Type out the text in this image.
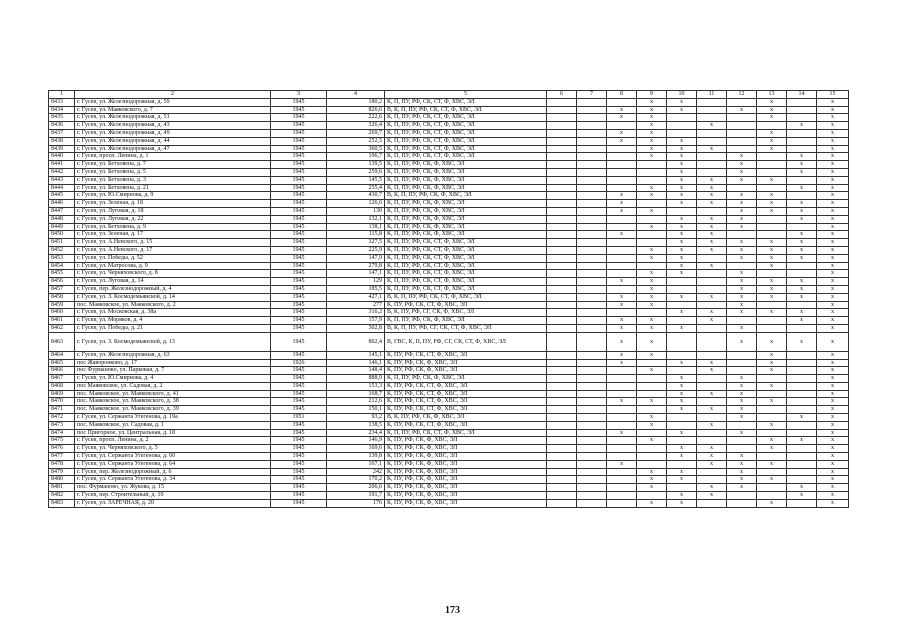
1	2	3	4	5	6	7	8	9	10	11	12	13	14	15
8433	г. Гусев, ул. Железнодорожная, д. 59	1945	180,2	К, П, ПУ, РФ, СК, СТ, Ф, ХВС, ЭЛ				x	x			x		x
8434	г. Гусев, ул. Маяковского, д. 7	1945	826,6	В, К, П, ПУ, РФ, СК, СТ, Ф, ХВС, ЭЛ			x	x	x		x	x		x
8435	г. Гусев, ул. Железнодорожная, д. 51	1945	222,6	К, П, ПУ, РФ, СК, СТ, Ф, ХВС, ЭЛ			x	x				x		x
8436	г. Гусев, ул. Железнодорожная, д. 43	1945	326,4	К, П, ПУ, РФ, СК, СТ, Ф, ХВС, ЭЛ				x		x			x	x
8437	г. Гусев, ул. Железнодорожная, д. 49	1945	269,7	К, П, ПУ, РФ, СК, СТ, Ф, ХВС, ЭЛ			x	x				x		x
8438	г. Гусев, ул. Железнодорожная, д. 44	1945	252,5	К, П, ПУ, РФ, СК, СТ, Ф, ХВС, ЭЛ			x	x	x			x		x
8439	г. Гусев, ул. Железнодорожная, д. 47	1945	360,5	К, П, ПУ, РФ, СК, СТ, Ф, ХВС, ЭЛ				x	x	x		x		x
8440	г. Гусев, просп. Ленина, д. 1	1945	196,7	К, П, ПУ, РФ, СК, СТ, Ф, ХВС, ЭЛ				x	x		x		x	x
8441	г. Гусев, ул. Бетховена, д. 7	1945	139,5	К, П, ПУ, РФ, СК, Ф, ХВС, ЭЛ					x		x		x	x
8442	г. Гусев, ул. Бетховена, д. 5	1945	259,6	К, П, ПУ, РФ, СК, Ф, ХВС, ЭЛ					x		x		x	x
8443	г. Гусев, ул. Бетховена, д. 3	1945	145,5	К, П, ПУ, РФ, СК, Ф, ХВС, ЭЛ					x	x	x	x		x
8444	г. Гусев, ул. Бетховена, д. 21	1945	255,4	К, П, ПУ, РФ, СК, Ф, ХВС, ЭЛ				x	x	x			x	x
8445	г. Гусев, ул. Ю.Смирнова, д. 9	1945	430,7	В, К, П, ПУ, РФ, СК, Ф, ХВС, ЭЛ			x	x	x	x	x	x		x
8446	г. Гусев, ул. Зеленая, д. 18	1945	126,6	К, П, ПУ, РФ, СК, Ф, ХВС, ЭЛ			x		x	x	x	x	x	x
8447	г. Гусев, ул. Луговая, д. 18	1945	130	К, П, ПУ, РФ, СК, Ф, ХВС, ЭЛ			x	x			x	x	x	x
8448	г. Гусев, ул. Луговая, д. 22	1945	132,1	К, П, ПУ, РФ, СК, Ф, ХВС, ЭЛ					x	x	x		x	x
8449	г. Гусев, ул. Бетховена, д. 9	1945	138,1	К, П, ПУ, РФ, СК, Ф, ХВС, ЭЛ				x	x	x	x			x
8450	г. Гусев, ул. Зеленая, д. 17	1945	115,8	К, П, ПУ, РФ, СК, Ф, ХВС, ЭЛ			x		x	x			x	x
8451	г. Гусев, ул. А.Невского, д. 15	1945	327,5	К, П, ПУ, РФ, СК, СТ, Ф, ХВС, ЭЛ					x	x	x	x	x	x
8452	г. Гусев, ул. А.Невского, д. 17	1945	225,9	К, П, ПУ, РФ, СК, СТ, Ф, ХВС, ЭЛ				x	x	x	x	x	x	x
8453	г. Гусев, ул. Победы, д. 52	1945	147,9	К, П, ПУ, РФ, СК, СТ, Ф, ХВС, ЭЛ				x	x		x	x	x	x
8454	г. Гусев, ул. Матросова, д. 9	1945	279,8	К, П, ПУ, РФ, СК, СТ, Ф, ХВС, ЭЛ					x	x		x		x
8455	г. Гусев, ул. Черняховского, д. 8	1945	147,1	К, П, ПУ, РФ, СК, СТ, Ф, ХВС, ЭЛ				x	x		x			x
8456	г. Гусев, ул. Луговая, д. 14	1945	129	К, П, ПУ, РФ, СК, СТ, Ф, ХВС, ЭЛ			x	x			x	x	x	x
8457	г. Гусев, пер. Железнодорожный, д. 4	1945	185,5	К, П, ПУ, РФ, СК, СТ, Ф, ХВС, ЭЛ				x			x	x	x	x
8458	г. Гусев, ул. З. Космодемьянской, д. 14	1945	427,1	В, К, П, ПУ, РФ, СК, СТ, Ф, ХВС, ЭЛ			x	x	x	x	x	x	x	x
8459	пос. Маяковское, ул. Маяковского, д. 2	1945	277	К, ПУ, РФ, СК, СТ, Ф, ХВС, ЭЛ			x	x			x			x
8460	г. Гусев, ул. Московская, д. 38а	1945	316,2	В, К, ПУ, РФ, СГ, СК, Ф, ХВС, ЭЛ					x	x	x	x	x	x
8461	г. Гусев, ул. Моряков, д. 4	1945	157,9	К, П, ПУ, РФ, СК, Ф, ХВС, ЭЛ			x	x		x			x	x
8462	г. Гусев, ул. Победы, д. 21	1945	302,8	В, К, П, ПУ, РФ, СГ, СК, СТ, Ф, ХВС, ЭЛ			x	x	x		x			x
8463	г. Гусев, ул. З. Космодемьянской, д. 13	1945	862,4	В, ГВС, К, П, ПУ, РФ, СГ, СК, СТ, Ф, ХВС, ЭЛ			x	x			x	x	x	x
8464	г. Гусев, ул. Железнодорожная, д. 63	1945	145,1	К, ПУ, РФ, СК, СТ, Ф, ХВС, ЭЛ			x	x				x		x
8465	пос Жаворонково, д. 17	1926	146,1	К, ПУ, РФ, СК, Ф, ХВС, ЭЛ			x		x	x		x		x
8466	пос Фурманово, ул. Парковая, д. 7	1945	148,4	К, ПУ, РФ, СК, Ф, ХВС, ЭЛ				x		x		x		x
8467	г. Гусев, ул. Ю.Смирнова, д. 4	1945	888,9	К, П, ПУ, РФ, СК, Ф, ХВС, ЭЛ					x		x			x
8468	пос Маяковское, ул. Садовая, д. 2	1945	153,3	К, ПУ, РФ, СК, СТ, Ф, ХВС, ЭЛ					x		x	x		x
8469	пос. Маяковское, ул. Маяковского, д. 41	1945	168,7	К, ПУ, РФ, СК, СТ, Ф, ХВС, ЭЛ					x	x	x			x
8470	пос. Маяковское, ул. Маяковского, д. 38	1945	212,6	К, ПУ, РФ, СК, СТ, Ф, ХВС, ЭЛ			x	x	x		x	x		x
8471	пос. Маяковское, ул. Маяковского, д. 39	1945	150,1	К, ПУ, РФ, СК, СТ, Ф, ХВС, ЭЛ					x	x	x			x
8472	г. Гусев, ул. Сержанта Угегенова, д. 19а	1951	93,2	В, К, ПУ, РФ, СК, Ф, ХВС, ЭЛ				x			x		x	x
8473	пос. Маяковское, ул. Садовая, д. 1	1945	138,5	К, ПУ, РФ, СК, СТ, Ф, ХВС, ЭЛ				x		x		x		x
8474	пос Пригорное, ул. Центральная, д. 18	1945	234,4	К, П, ПУ, РФ, СК, СТ, Ф, ХВС, ЭЛ			x		x		x			x
8475	г. Гусев, просп. Ленина, д. 2	1945	146,9	К, ПУ, РФ, СК, Ф, ХВС, ЭЛ				x				x	x	x
8476	г. Гусев, ул. Черняховского, д. 5	1945	169,6	К, ПУ, РФ, СК, Ф, ХВС, ЭЛ					x	x		x		x
8477	г. Гусев, ул. Сержанта Угегенова, д. 60	1945	139,8	К, ПУ, РФ, СК, Ф, ХВС, ЭЛ					x	x	x			x
8478	г. Гусев, ул. Сержанта Угегенова, д. 64	1945	167,1	К, ПУ, РФ, СК, Ф, ХВС, ЭЛ			x			x	x	x		x
8479	г. Гусев, пер. Железнодорожный, д. 6	1945	242	К, ПУ, РФ, СК, Ф, ХВС, ЭЛ				x	x		x			x
8480	г. Гусев, ул. Сержанта Угегенова, д. 34	1945	170,2	К, ПУ, РФ, СК, Ф, ХВС, ЭЛ				x	x		x	x		x
8481	пос. Фурманово, ул. Жукова, д. 15	1945	206,6	К, ПУ, РФ, СК, Ф, ХВС, ЭЛ				x		x	x		x	x
8482	г. Гусев, пер. Строительный, д. 10	1945	191,7	К, ПУ, РФ, СК, Ф, ХВС, ЭЛ					x	x			x	x
8483	г. Гусев, ул. ЗАРЕЧНАЯ, д. 20	1945	176	К, ПУ, РФ, СК, Ф, ХВС, ЭЛ				x	x			x		x
173
